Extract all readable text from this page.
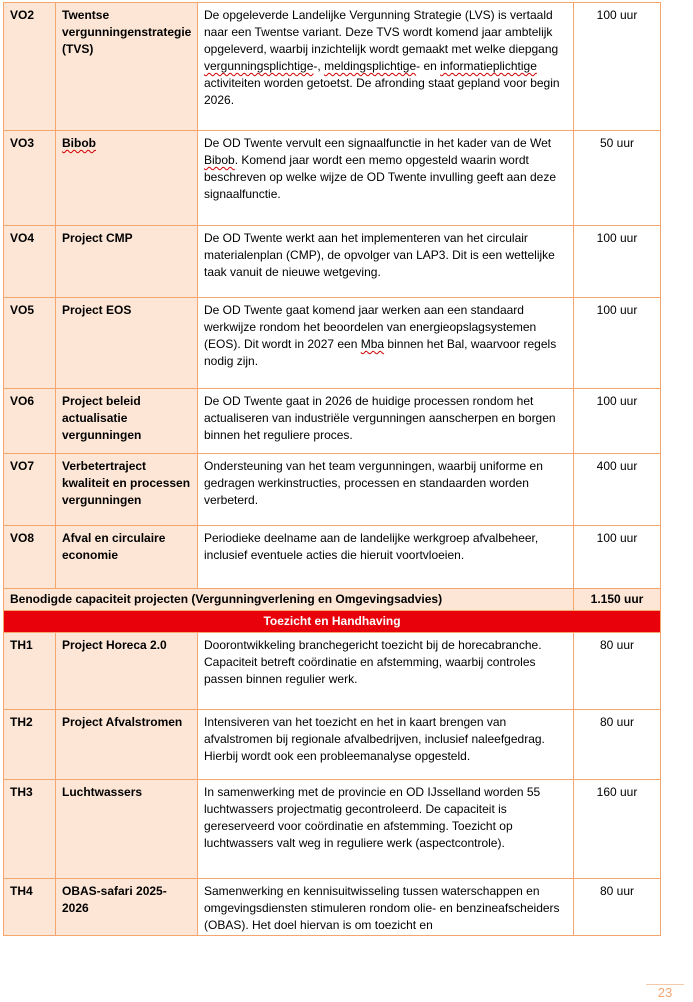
VO2	Twentse vergunningenstrategie (TVS)	De opgeleverde Landelijke Vergunning Strategie (LVS) is vertaald naar een Twentse variant. Deze TVS wordt komend jaar ambtelijk opgeleverd, waarbij inzichtelijk wordt gemaakt met welke diepgang vergunningsplichtige-, meldingsplichtige- en informatieplichtige activiteiten worden getoetst. De afronding staat gepland voor begin 2026.	100 uur
VO3	Bibob	De OD Twente vervult een signaalfunctie in het kader van de Wet Bibob. Komend jaar wordt een memo opgesteld waarin wordt beschreven op welke wijze de OD Twente invulling geeft aan deze signaalfunctie.	50 uur
VO4	Project CMP	De OD Twente werkt aan het implementeren van het circulair materialenplan (CMP), de opvolger van LAP3. Dit is een wettelijke taak vanuit de nieuwe wetgeving.	100 uur
VO5	Project EOS	De OD Twente gaat komend jaar werken aan een standaard werkwijze rondom het beoordelen van energieopslagsystemen (EOS). Dit wordt in 2027 een Mba binnen het Bal, waarvoor regels nodig zijn.	100 uur
VO6	Project beleid actualisatie vergunningen	De OD Twente gaat in 2026 de huidige processen rondom het actualiseren van industriële vergunningen aanscherpen en borgen binnen het reguliere proces.	100 uur
VO7	Verbetertraject kwaliteit en processen vergunningen	Ondersteuning van het team vergunningen, waarbij uniforme en gedragen werkinstructies, processen en standaarden worden verbeterd.	400 uur
VO8	Afval en circulaire economie	Periodieke deelname aan de landelijke werkgroep afvalbeheer, inclusief eventuele acties die hieruit voortvloeien.	100 uur
Benodigde capaciteit projecten (Vergunningverlening en Omgevingsadvies)			1.150 uur
Toezicht en Handhaving			
TH1	Project Horeca 2.0	Doorontwikkeling branchegericht toezicht bij de horecabranche. Capaciteit betreft coördinatie en afstemming, waarbij controles passen binnen regulier werk.	80 uur
TH2	Project Afvalstromen	Intensiveren van het toezicht en het in kaart brengen van afvalstromen bij regionale afvalbedrijven, inclusief naleefgedrag. Hierbij wordt ook een probleemanalyse opgesteld.	80 uur
TH3	Luchtwassers	In samenwerking met de provincie en OD IJsselland worden 55 luchtwassers projectmatig gecontroleerd. De capaciteit is gereserveerd voor coördinatie en afstemming. Toezicht op luchtwassers valt weg in reguliere werk (aspectcontrole).	160 uur
TH4	OBAS-safari 2025-2026	Samenwerking en kennisuitwisseling tussen waterschappen en omgevingsdiensten stimuleren rondom olie- en benzineafscheiders (OBAS). Het doel hiervan is om toezicht en	80 uur
23
